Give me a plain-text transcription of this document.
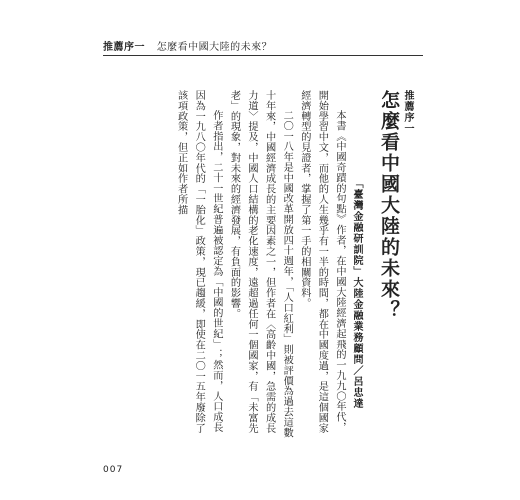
推薦序一 怎麼看中國大陸的未來？
推薦序一
怎麼看中國大陸的未來？
「臺灣金融研訓院」大陸金融業務顧問／呂忠達

本書《中國奇蹟的句點》作者，在中國大陸經濟起飛的一九九〇年代，開始學習中文，而他的人生幾乎有一半的時間，都在中國度過，是這個國家經濟轉型的見證者，掌握了第一手的相關資料。

二〇一八年是中國改革開放四十週年，「人口紅利」則被評價為過去這數十年來，中國經濟成長的主要因素之一，但作者在〈高齡中國，急需的成長力道〉提及，中國人口結構的老化速度，遠超過任何一個國家，有「未富先老」的現象，對未來的經濟發展，有負面的影響。

作者指出，二十一世紀普遍被認定為「中國的世紀」；然而，人口成長因為一九八〇年代的「一胎化」政策，現已趨緩，即使在二〇一五年廢除了該項政策，但正如作者所描

007
